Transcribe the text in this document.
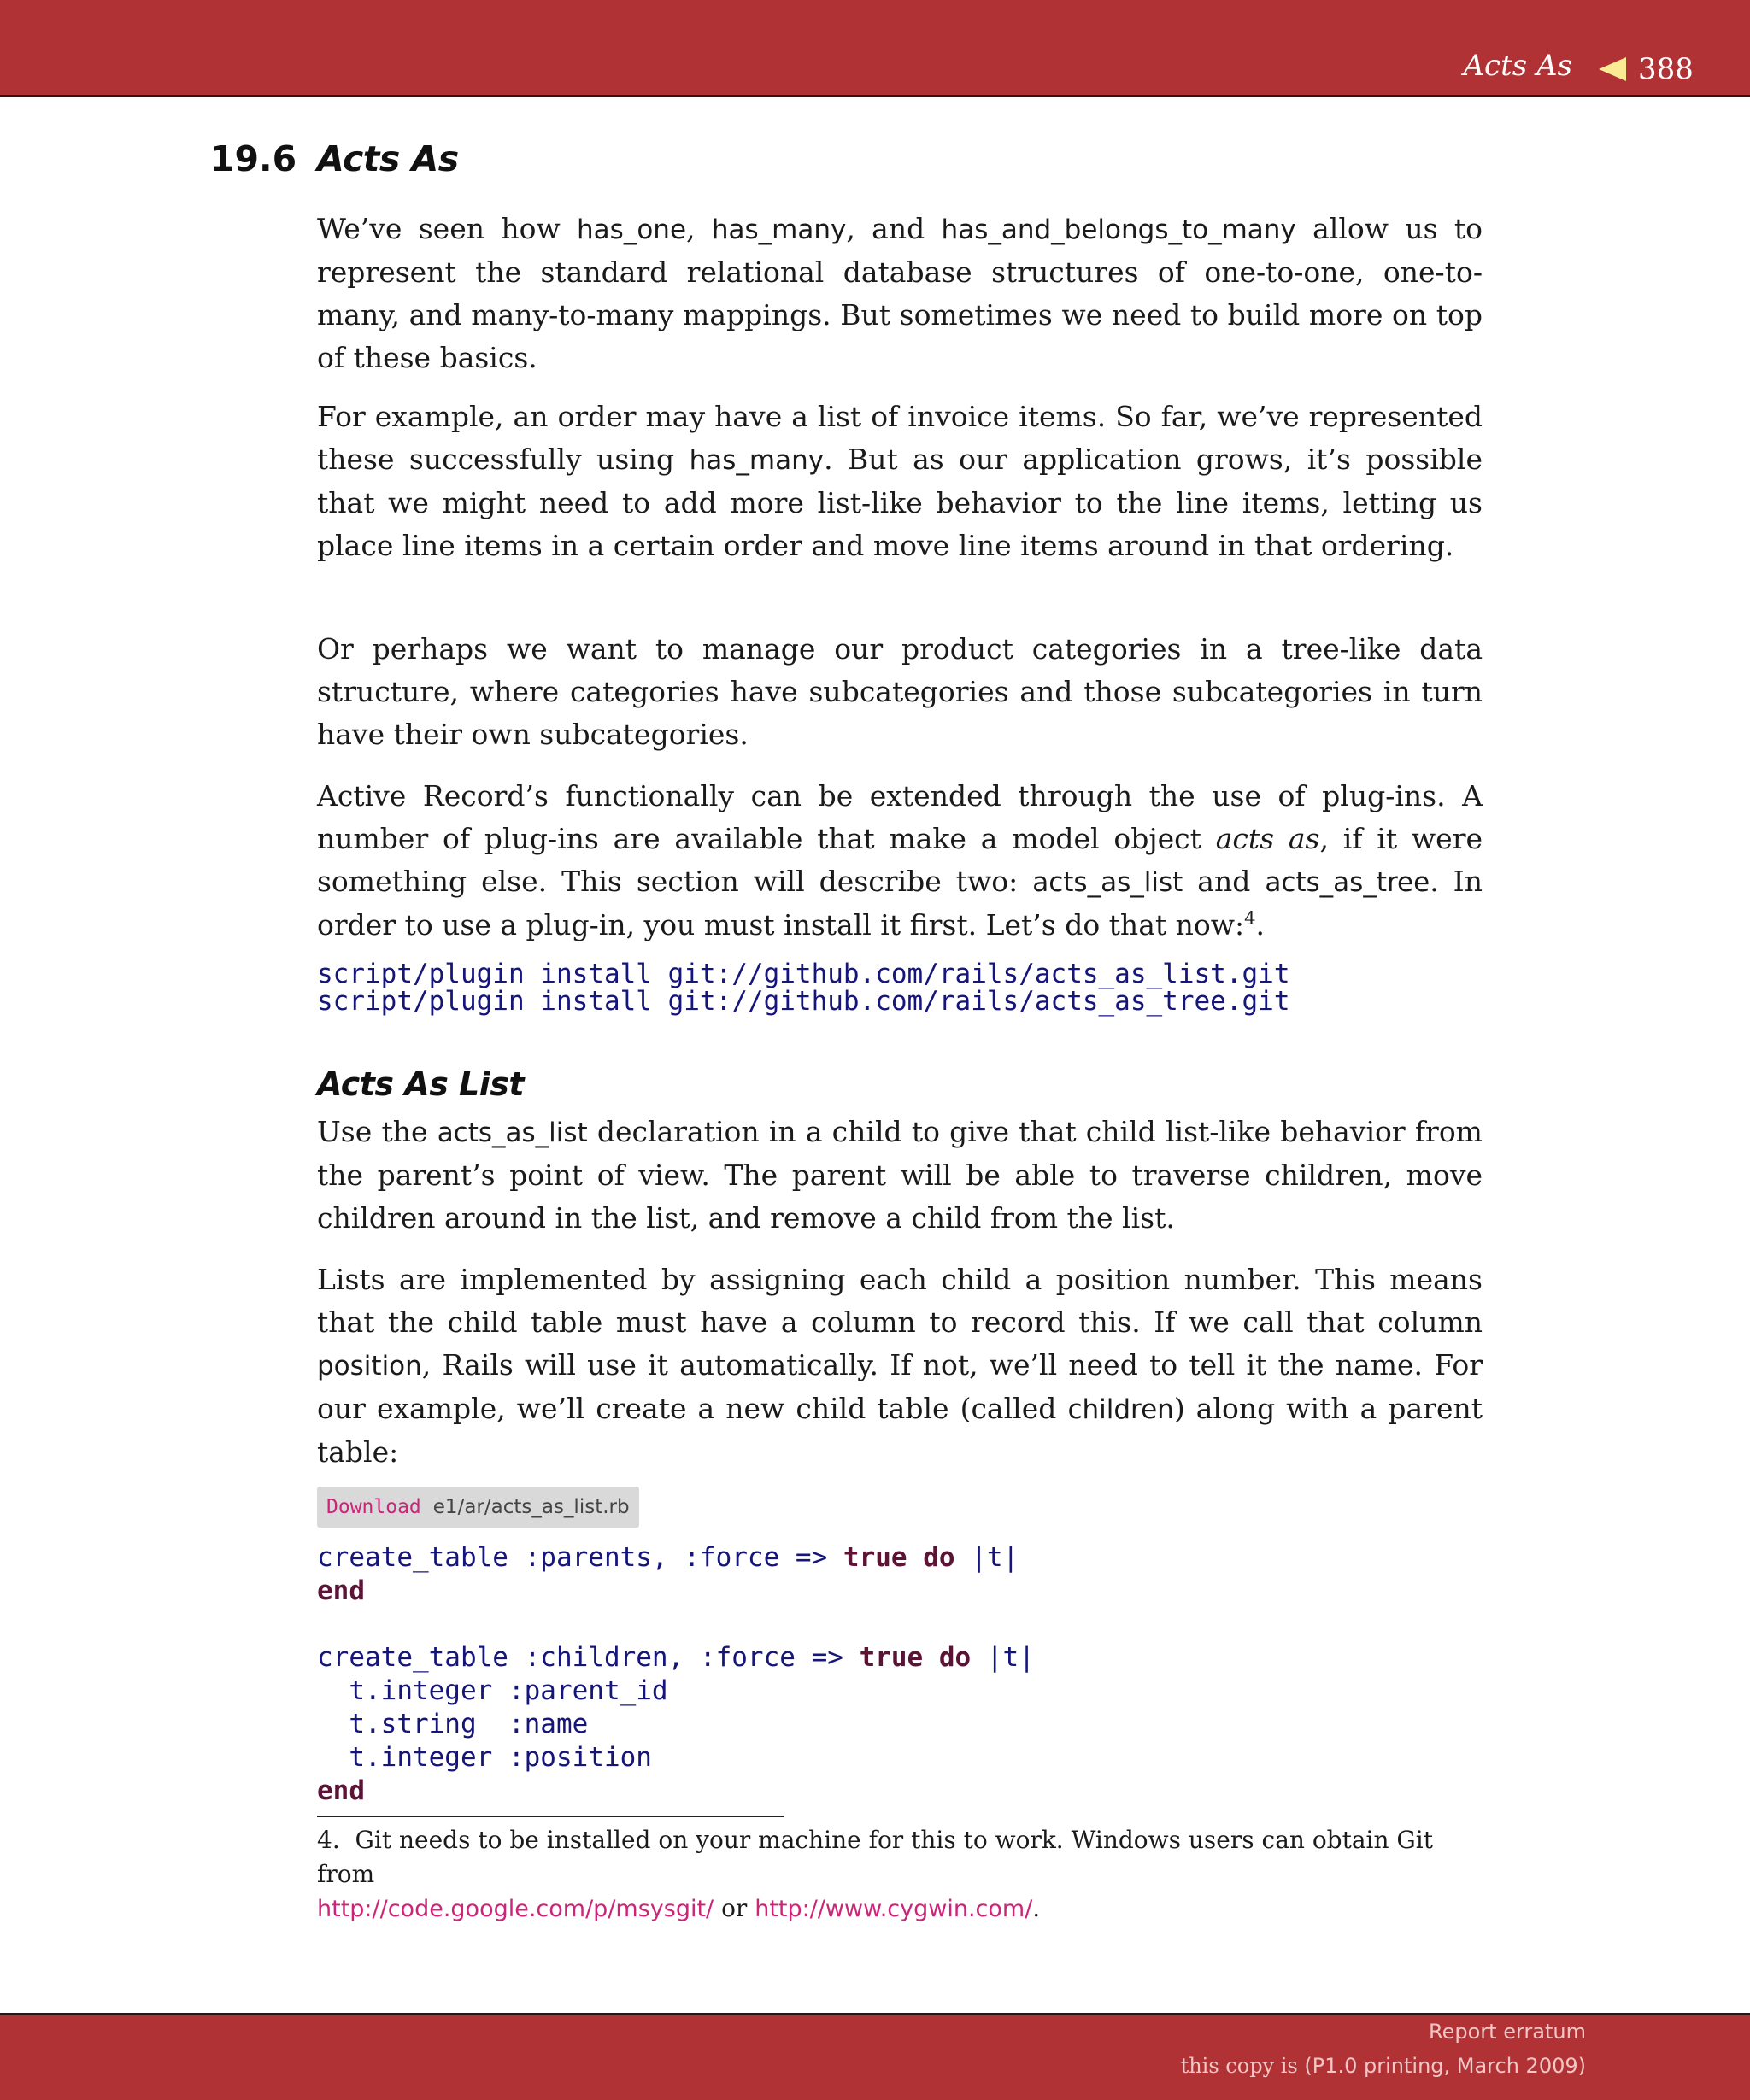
Acts As 388
19.6 Acts As

We’ve seen how has_one, has_many, and has_and_belongs_to_many allow us to represent the standard relational database structures of one-to-one, one-to-many, and many-to-many mappings. But sometimes we need to build more on top of these basics.

For example, an order may have a list of invoice items. So far, we’ve represented these successfully using has_many. But as our application grows, it’s possible that we might need to add more list-like behavior to the line items, letting us place line items in a certain order and move line items around in that ordering.

Or perhaps we want to manage our product categories in a tree-like data structure, where categories have subcategories and those subcategories in turn have their own subcategories.

Active Record’s functionally can be extended through the use of plug-ins. A number of plug-ins are available that make a model object acts as, if it were something else. This section will describe two: acts_as_list and acts_as_tree. In order to use a plug-in, you must install it first. Let’s do that now:$^4$.

script/plugin install git://github.com/rails/acts_as_list.git
script/plugin install git://github.com/rails/acts_as_tree.git
Acts As List

Use the acts_as_list declaration in a child to give that child list-like behavior from the parent’s point of view. The parent will be able to traverse children, move children around in the list, and remove a child from the list.

Lists are implemented by assigning each child a position number. This means that the child table must have a column to record this. If we call that column position, Rails will use it automatically. If not, we’ll need to tell it the name. For our example, we’ll create a new child table (called children) along with a parent table:

Download e1/ar/acts_as_list.rb
create_table :parents, :force => true do |t|
end

create_table :children, :force => true do |t|
t.integer :parent_id
t.string  :name
t.integer :position
end

4. Git needs to be installed on your machine for this to work. Windows users can obtain Git from
http://code.google.com/p/msysgit/ or http://www.cygwin.com/.

Report erratum
this copy is (P1.0 printing, March 2009)
